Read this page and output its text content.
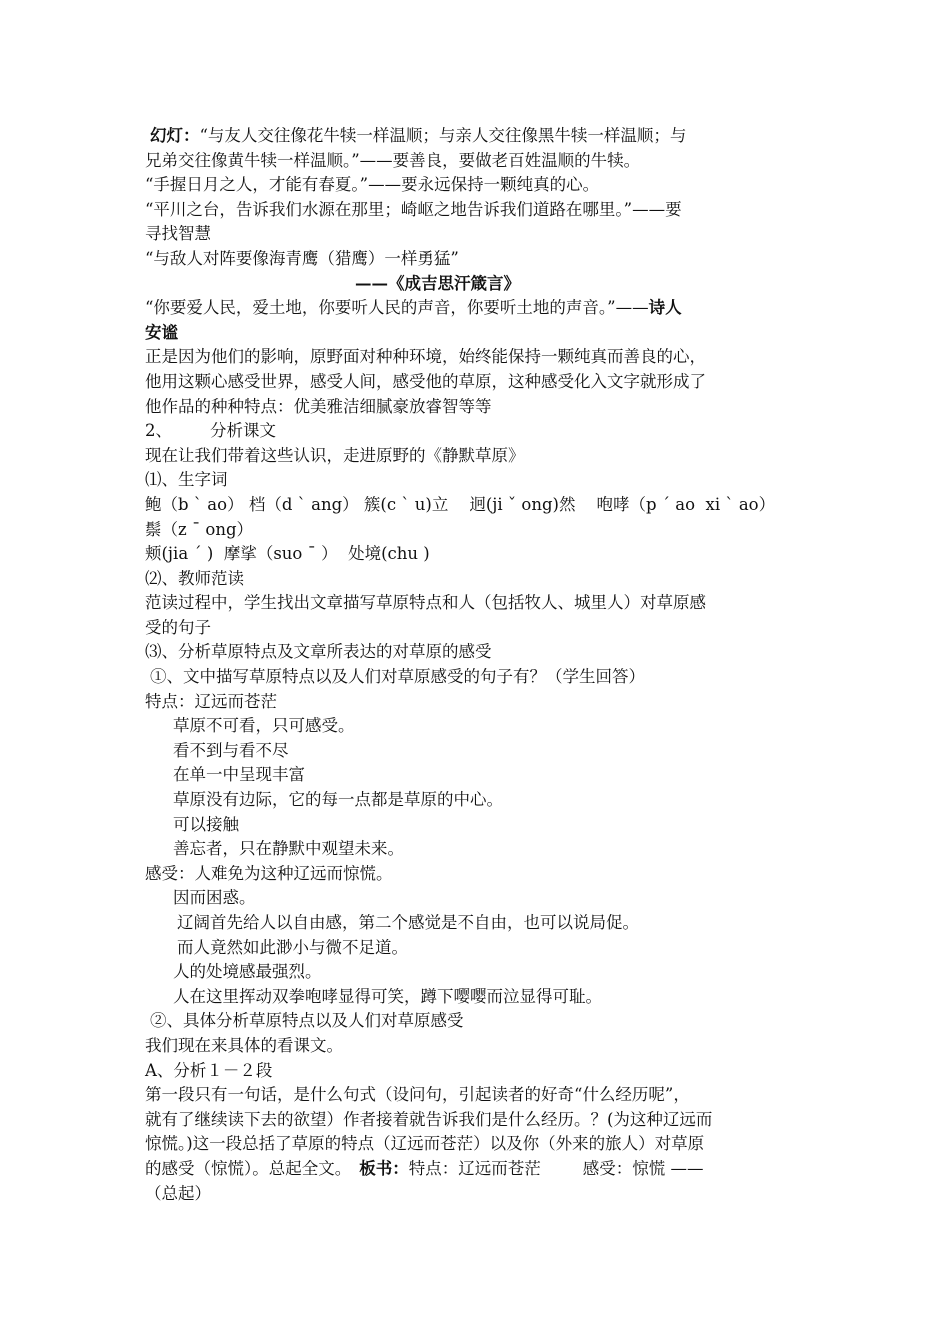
幻灯：“与友人交往像花牛犊一样温顺；与亲人交往像黑牛犊一样温顺；与
兄弟交往像黄牛犊一样温顺。”——要善良，要做老百姓温顺的牛犊。
“手握日月之人，才能有春夏。”——要永远保持一颗纯真的心。
“平川之台，告诉我们水源在那里；崎岖之地告诉我们道路在哪里。”——要
寻找智慧
“与敌人对阵要像海青鹰（猎鹰）一样勇猛”
——《成吉思汗箴言》
“你要爱人民，爱土地，你要听人民的声音，你要听土地的声音。”——诗人
安谧
正是因为他们的影响，原野面对种种环境，始终能保持一颗纯真而善良的心，
他用这颗心感受世界，感受人间，感受他的草原，这种感受化入文字就形成了
他作品的种种特点：优美雅洁细腻豪放睿智等等
2、 分析课文
现在让我们带着这些认识，走进原野的《静默草原》
⑴、生字词
鲍（b ` ao） 档（d ` ang） 簇(c ` u)立    迥(ji ˇ ong)然    咆哮（p ˊ ao  xi ` ao）
鬃（z ˉ ong）
颊(jia ˊ )  摩挲（suo ˉ ）  处境(chu )
⑵、教师范读
范读过程中，学生找出文章描写草原特点和人（包括牧人、城里人）对草原感
受的句子
⑶、分析草原特点及文章所表达的对草原的感受
①、文中描写草原特点以及人们对草原感受的句子有？（学生回答）
特点：辽远而苍茫
草原不可看，只可感受。
看不到与看不尽
在单一中呈现丰富
草原没有边际，它的每一点都是草原的中心。
可以接触
善忘者，只在静默中观望未来。
感受：人难免为这种辽远而惊慌。
因而困惑。
辽阔首先给人以自由感，第二个感觉是不自由，也可以说局促。
而人竟然如此渺小与微不足道。
人的处境感最强烈。
人在这里挥动双拳咆哮显得可笑，蹲下嘤嘤而泣显得可耻。
②、具体分析草原特点以及人们对草原感受
我们现在来具体的看课文。
A、分析１－２段
第一段只有一句话，是什么句式（设问句，引起读者的好奇“什么经历呢”，
就有了继续读下去的欲望）作者接着就告诉我们是什么经历。？(为这种辽远而
惊慌。)这一段总括了草原的特点（辽远而苍茫）以及你（外来的旅人）对草原
的感受（惊慌）。总起全文。 板书：特点：辽远而苍茫	感受：惊慌 ——
（总起）
